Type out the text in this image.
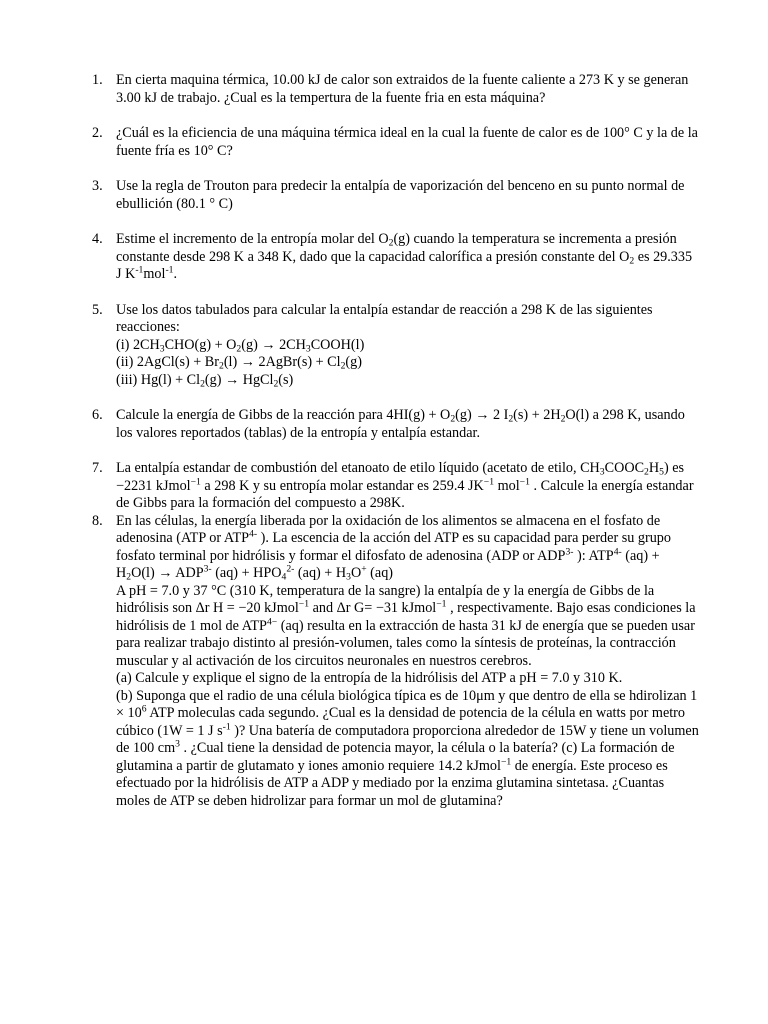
1. En cierta maquina térmica, 10.00 kJ de calor son extraidos de la fuente caliente a 273 K y se generan 3.00 kJ de trabajo. ¿Cual es la tempertura de la fuente fria en esta máquina?
2. ¿Cuál es la eficiencia de una máquina térmica ideal en la cual la fuente de calor es de 100° C y la de la fuente fría es 10° C?
3. Use la regla de Trouton para predecir la entalpía de vaporización del benceno en su punto normal de ebullición (80.1 ° C)
4. Estime el incremento de la entropía molar del $O_2(g)$ cuando la temperatura se incrementa a presión constante desde 298 K a 348 K, dado que la capacidad calorífica a presión constante del $O_2$ es 29.335 J $K^{-1}mol^{-1}$.
5. Use los datos tabulados para calcular la entalpía estandar de reacción a 298 K de las siguientes reacciones:
(i) $2CH_3CHO(g) + O_2(g)$ → $2CH_3COOH(l)$
(ii) 2AgCl(s) + $Br_2(l)$ → 2AgBr(s) + $Cl_2(g)$
(iii) $Hg(l) + Cl_2(g)$ → HgCl$_2$(s)
6. Calcule la energía de Gibbs de la reacción para $4HI(g) + O_2(g) \to 2$ $I_2(s) + 2H_2O(l)$ a 298 K, usando los valores reportados (tablas) de la entropía y entalpía estandar.
7. La entalpía estandar de combustión del etanoato de etilo líquido (acetato de etilo, $CH_3COOC_2H_5$) es −2231 kJmol$^{-1}$ a 298 K y su entropía molar estandar es 259.4 $JK^{-1}$ mol$^{-1}$ . Calcule la energía estandar de Gibbs para la formación del compuesto a 298K.
8. En las células, la energía liberada por la oxidación de los alimentos se almacena en el fosfato de adenosina (ATP or $ATP^{4-}$ ). La escencia de la acción del ATP es su capacidad para perder su grupo fosfato terminal por hidrólisis y formar el difosfato de adenosina (ADP or $ADP^{3-}$ ): $ATP^{4-}$ $(aq) + H_2O(l) \to ADP^{3-}$ $(aq) + HPO_4^{2-}$ $(aq) + H_3O^+$ (aq)
A pH = 7.0 y 37 °C (310 K, temperatura de la sangre) la entalpía de y la energía de Gibbs de la hidrólisis son Δr H = −20 kJmol$^{-1}$ and Δr G= −31 kJmol$^{-1}$ , respectivamente. Bajo esas condiciones la hidrólisis de 1 mol de $ATP^{4-}$ (aq) resulta en la extracción de hasta 31 kJ de energía que se pueden usar para realizar trabajo distinto al presión-volumen, tales como la síntesis de proteínas, la contracción muscular y al activación de los circuitos neuronales en nuestros cerebros.
(a) Calcule y explique el signo de la entropía de la hidrólisis del ATP a pH = 7.0 y 310 K.
(b) Suponga que el radio de una célula biológica típica es de 10μm y que dentro de ella se hdirolizan $1 \times 10^6$ ATP moleculas cada segundo. ¿Cual es la densidad de potencia de la célula en watts por metro cúbico (1W = 1 J $s^{-1}$ )? Una batería de computadora proporciona alrededor de 15W y tiene un volumen de 100 $cm^3$ . ¿Cual tiene la densidad de potencia mayor, la célula o la batería? (c) La formación de glutamina a partir de glutamato y iones amonio requiere 14.2 kJmol$^{-1}$ de energía. Este proceso es efectuado por la hidrólisis de ATP a ADP y mediado por la enzima glutamina sintetasa. ¿Cuantas moles de ATP se deben hidrolizar para formar un mol de glutamina?
